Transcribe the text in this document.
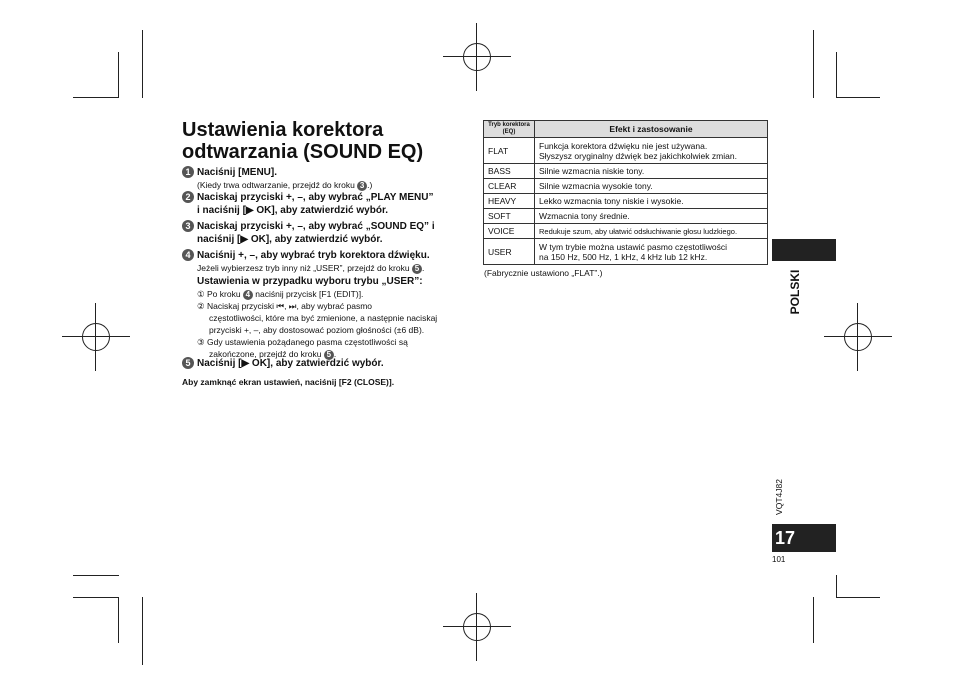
Ustawienia korektora
odtwarzania (SOUND EQ)
1 Naciśnij [MENU].
(Kiedy trwa odtwarzanie, przejdź do kroku 3 .)
2 Naciskaj przyciski +, –, aby wybrać „PLAY MENU”
i naciśnij [▶ OK], aby zatwierdzić wybór.
3 Naciskaj przyciski +, –, aby wybrać „SOUND EQ” i
naciśnij [▶ OK], aby zatwierdzić wybór.
4 Naciśnij +, –, aby wybrać tryb korektora dźwięku.
Jeżeli wybierzesz tryb inny niż „USER”, przejdź do kroku 5 .
Ustawienia w przypadku wyboru trybu „USER”:
① Po kroku 4 naciśnij przycisk [F1 (EDIT)].
② Naciskaj przyciski ⏮, ⏭, aby wybrać pasmo
częstotliwości, które ma być zmienione, a następnie naciskaj
przyciski +, –, aby dostosować poziom głośności (±6 dB).
③ Gdy ustawienia pożądanego pasma częstotliwości są
zakończone, przejdź do kroku 5 .
5 Naciśnij [▶ OK], aby zatwierdzić wybór.
Aby zamknąć ekran ustawień, naciśnij [F2 (CLOSE)].
Tryb korektora (EQ)	Efekt i zastosowanie
FLAT	Funkcja korektora dźwięku nie jest używana.
Słyszysz oryginalny dźwięk bez jakichkolwiek zmian.

BASS	Silnie wzmacnia niskie tony.

CLEAR	Silnie wzmacnia wysokie tony.

HEAVY	Lekko wzmacnia tony niskie i wysokie.

SOFT	Wzmacnia tony średnie.

VOICE	Redukuje szum, aby ułatwić odsłuchiwanie głosu ludzkiego.

USER	W tym trybie można ustawić pasmo częstotliwości
na 150 Hz, 500 Hz, 1 kHz, 4 kHz lub 12 kHz.
(Fabrycznie ustawiono „FLAT”.)	POLSKI
VQT4J82
17
101
